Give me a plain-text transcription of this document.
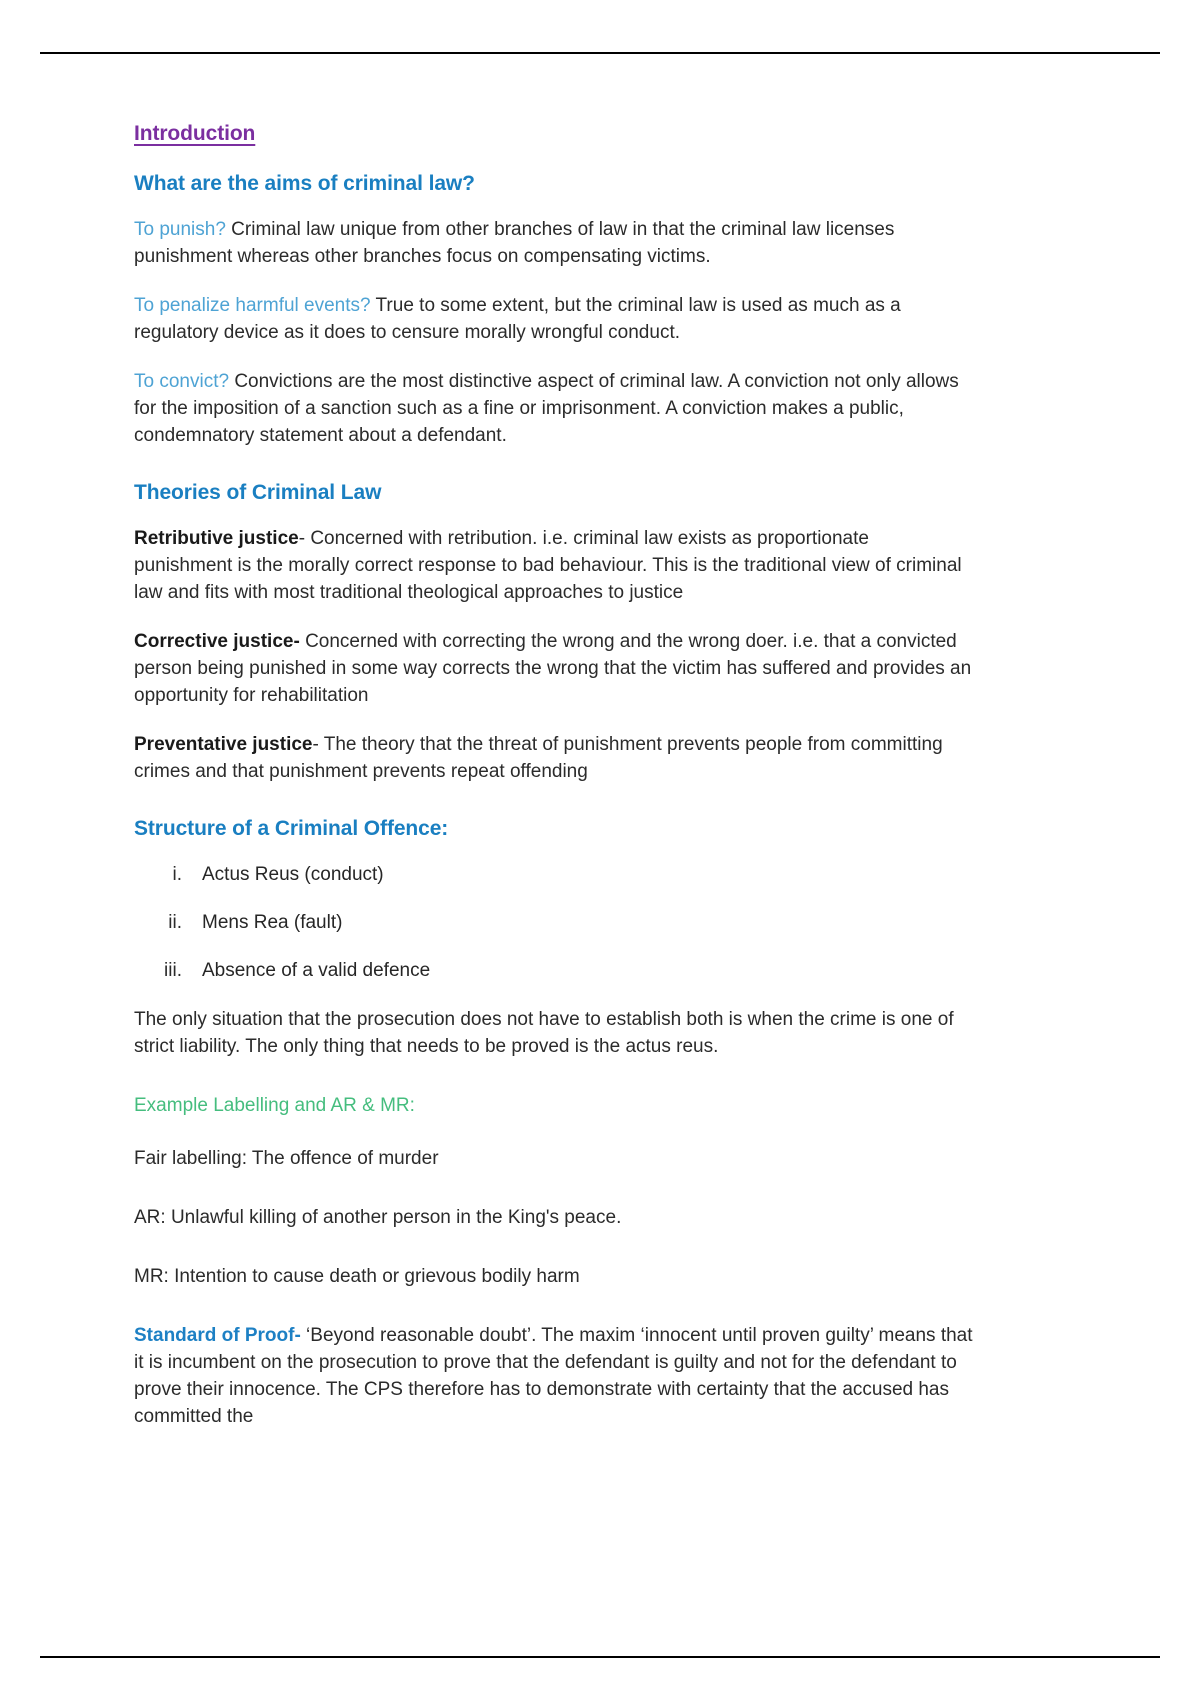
Introduction
What are the aims of criminal law?

To punish? Criminal law unique from other branches of law in that the criminal law licenses punishment whereas other branches focus on compensating victims.

To penalize harmful events? True to some extent, but the criminal law is used as much as a regulatory device as it does to censure morally wrongful conduct.

To convict? Convictions are the most distinctive aspect of criminal law. A conviction not only allows for the imposition of a sanction such as a fine or imprisonment. A conviction makes a public, condemnatory statement about a defendant.

Theories of Criminal Law

Retributive justice- Concerned with retribution. i.e. criminal law exists as proportionate
punishment is the morally correct response to bad behaviour. This is the traditional view of criminal law and fits with most traditional theological approaches to justice

Corrective justice- Concerned with correcting the wrong and the wrong doer. i.e. that a convicted person being punished in some way corrects the wrong that the victim has suffered and provides an opportunity for rehabilitation

Preventative justice- The theory that the threat of punishment prevents people from committing crimes and that punishment prevents repeat offending

Structure of a Criminal Offence:
i.	Actus Reus (conduct)
ii.	Mens Rea (fault)
iii.	Absence of a valid defence

The only situation that the prosecution does not have to establish both is when the crime is one of strict liability. The only thing that needs to be proved is the actus reus.

Example Labelling and AR & MR:

Fair labelling: The offence of murder

AR: Unlawful killing of another person in the King's peace.

MR: Intention to cause death or grievous bodily harm

Standard of Proof- ‘Beyond reasonable doubt’. The maxim ‘innocent until proven guilty’ means that it is incumbent on the prosecution to prove that the defendant is guilty and not for the defendant to prove their innocence. The CPS therefore has to demonstrate with certainty that the accused has committed the
